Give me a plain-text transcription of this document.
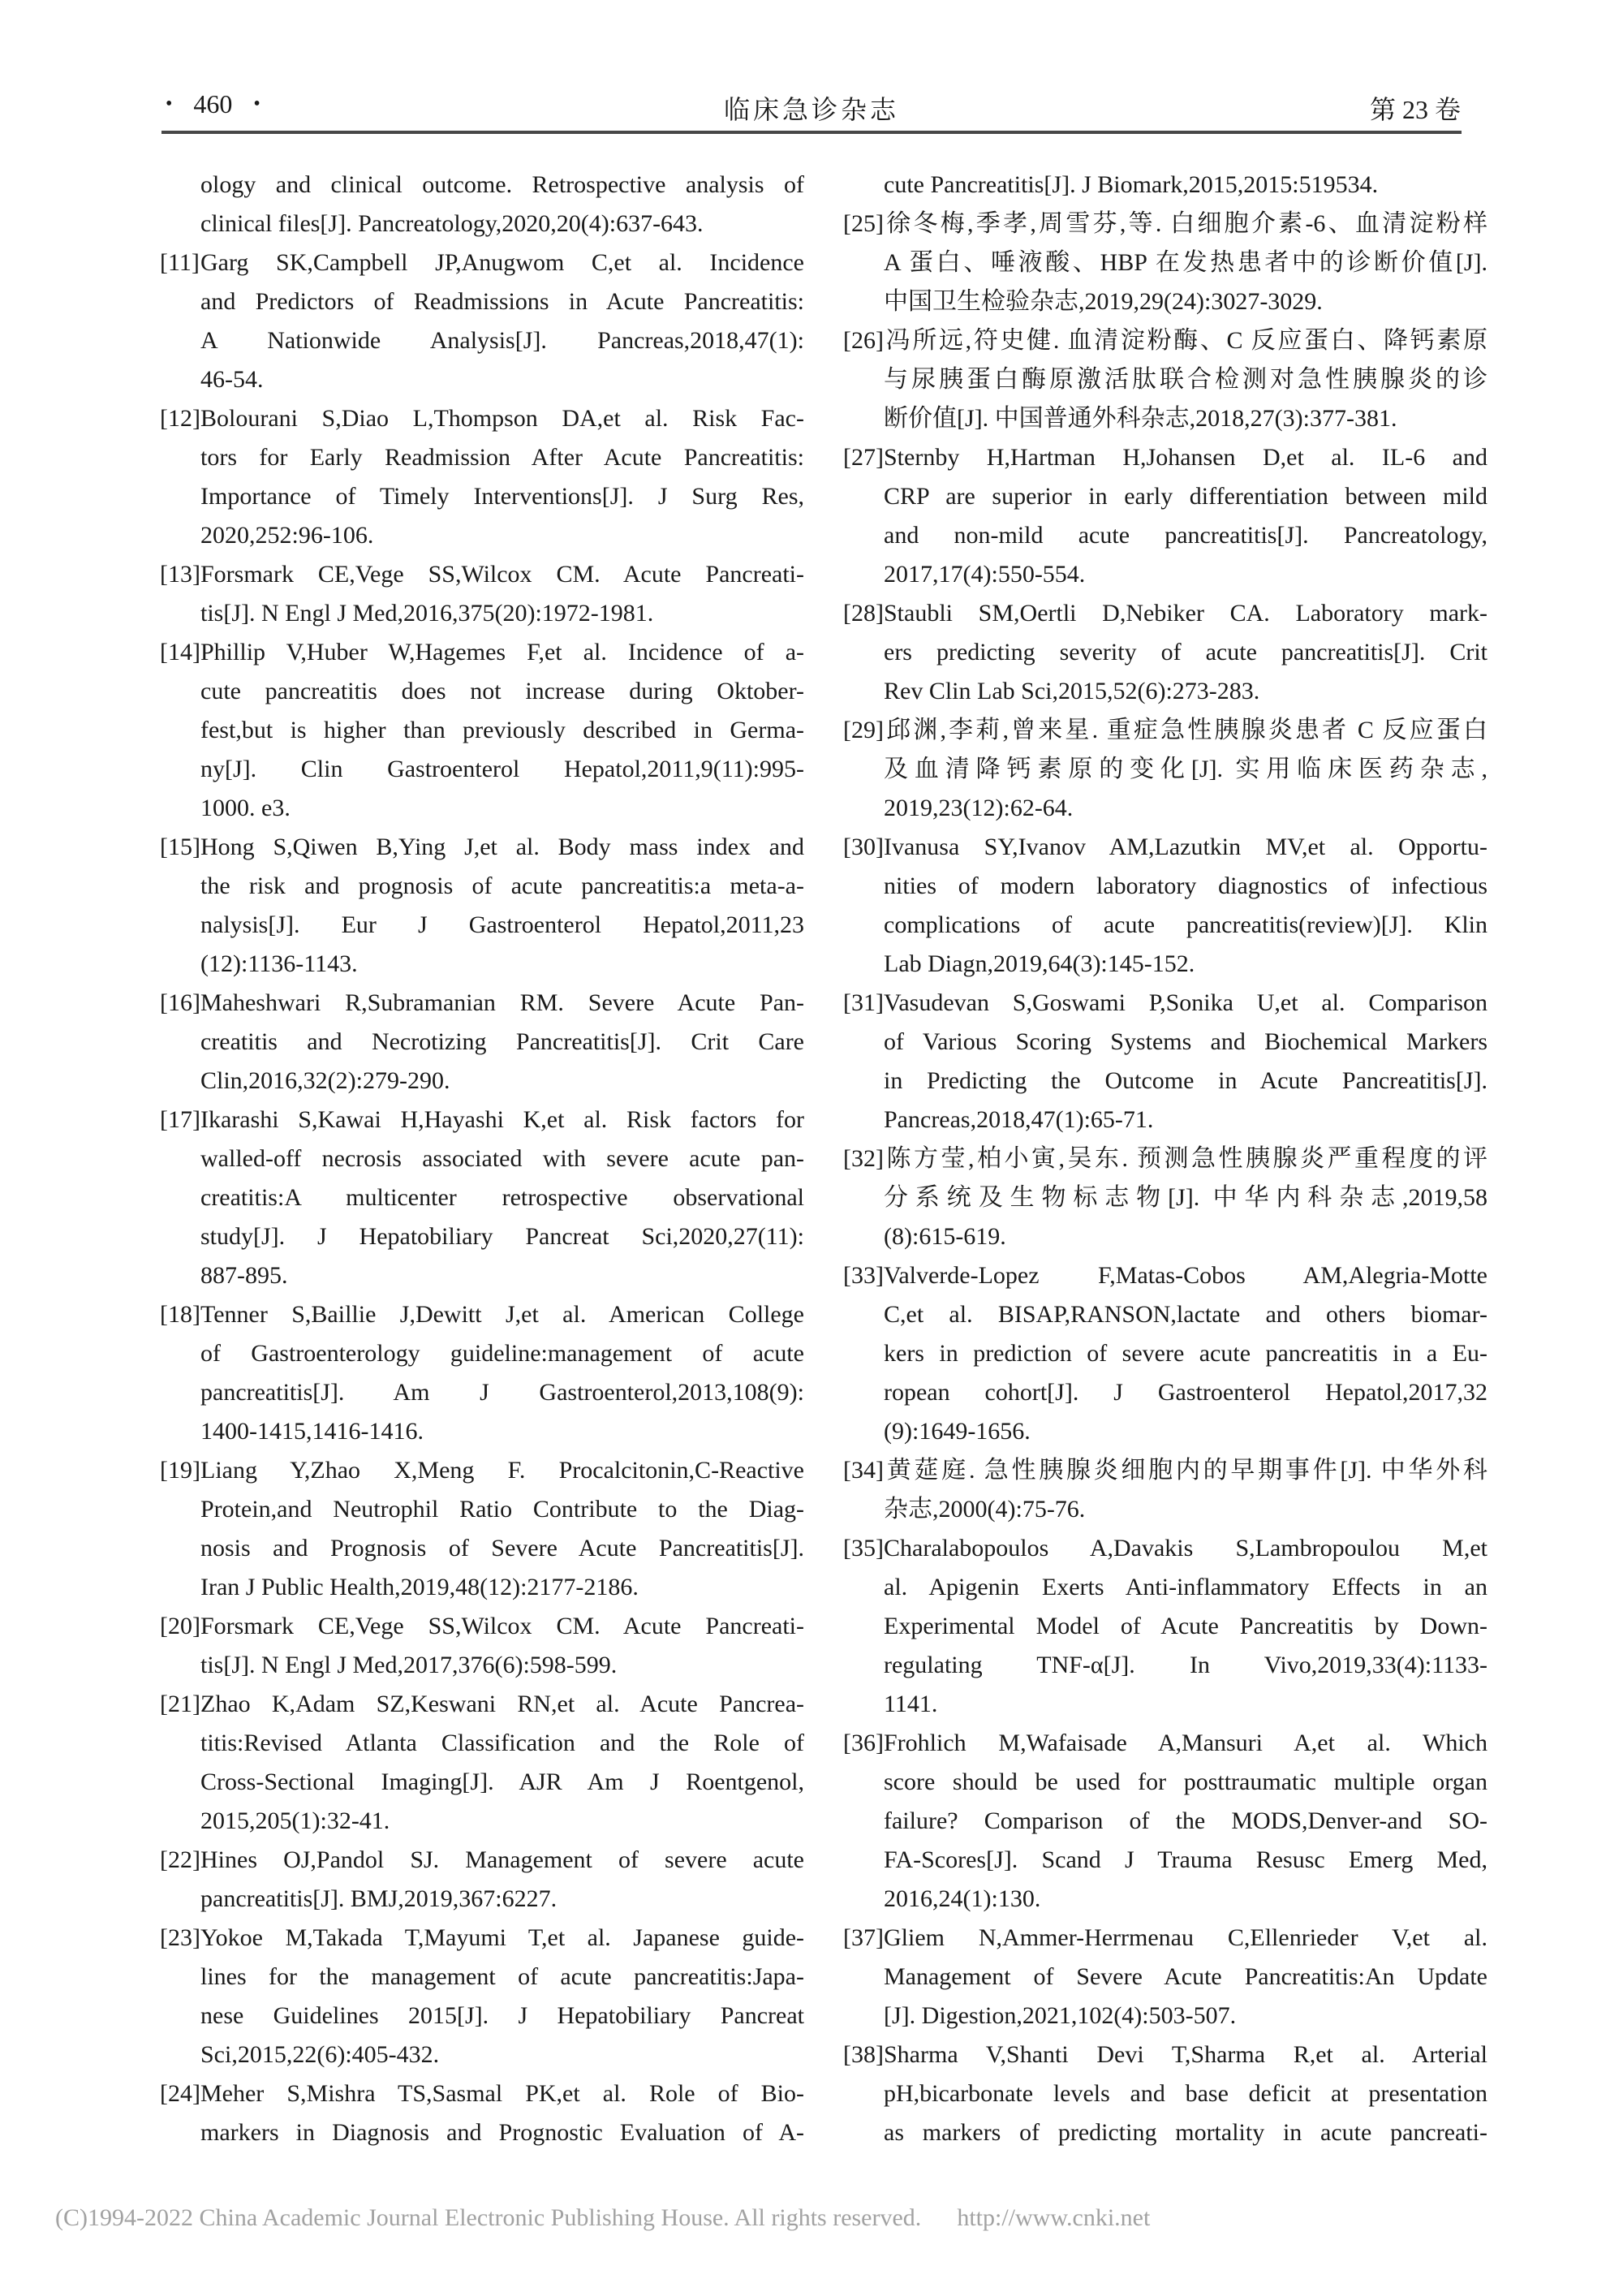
• 460 •	临床急诊杂志	第 23 卷
ology and clinical outcome. Retrospective analysis of
clinical files[J]. Pancreatology,2020,20(4):637-643.
[11]Garg SK,Campbell JP,Anugwom C,et al. Incidence
and Predictors of Readmissions in Acute Pancreatitis:
A Nationwide Analysis[J]. Pancreas,2018,47(1):
46-54.
[12]Bolourani S,Diao L,Thompson DA,et al. Risk Fac-
tors for Early Readmission After Acute Pancreatitis:
Importance of Timely Interventions[J]. J Surg Res,
2020,252:96-106.
[13]Forsmark CE,Vege SS,Wilcox CM. Acute Pancreati-
tis[J]. N Engl J Med,2016,375(20):1972-1981.
[14]Phillip V,Huber W,Hagemes F,et al. Incidence of a-
cute pancreatitis does not increase during Oktober-
fest,but is higher than previously described in Germa-
ny[J]. Clin Gastroenterol Hepatol,2011,9(11):995-
1000. e3.
[15]Hong S,Qiwen B,Ying J,et al. Body mass index and
the risk and prognosis of acute pancreatitis:a meta-a-
nalysis[J]. Eur J Gastroenterol Hepatol,2011,23
(12):1136-1143.
[16]Maheshwari R,Subramanian RM. Severe Acute Pan-
creatitis and Necrotizing Pancreatitis[J]. Crit Care
Clin,2016,32(2):279-290.
[17]Ikarashi S,Kawai H,Hayashi K,et al. Risk factors for
walled-off necrosis associated with severe acute pan-
creatitis:A multicenter retrospective observational
study[J]. J Hepatobiliary Pancreat Sci,2020,27(11):
887-895.
[18]Tenner S,Baillie J,Dewitt J,et al. American College
of Gastroenterology guideline:management of acute
pancreatitis[J]. Am J Gastroenterol,2013,108(9):
1400-1415,1416-1416.
[19]Liang Y,Zhao X,Meng F. Procalcitonin,C-Reactive
Protein,and Neutrophil Ratio Contribute to the Diag-
nosis and Prognosis of Severe Acute Pancreatitis[J].
Iran J Public Health,2019,48(12):2177-2186.
[20]Forsmark CE,Vege SS,Wilcox CM. Acute Pancreati-
tis[J]. N Engl J Med,2017,376(6):598-599.
[21]Zhao K,Adam SZ,Keswani RN,et al. Acute Pancrea-
titis:Revised Atlanta Classification and the Role of
Cross-Sectional Imaging[J]. AJR Am J Roentgenol,
2015,205(1):32-41.
[22]Hines OJ,Pandol SJ. Management of severe acute
pancreatitis[J]. BMJ,2019,367:6227.
[23]Yokoe M,Takada T,Mayumi T,et al. Japanese guide-
lines for the management of acute pancreatitis:Japa-
nese Guidelines 2015[J]. J Hepatobiliary Pancreat
Sci,2015,22(6):405-432.
[24]Meher S,Mishra TS,Sasmal PK,et al. Role of Bio-
markers in Diagnosis and Prognostic Evaluation of A-
cute Pancreatitis[J]. J Biomark,2015,2015:519534.
[25]徐冬梅,季孝,周雪芬,等. 白细胞介素-6、血清淀粉样
A 蛋白、唾液酸、HBP 在发热患者中的诊断价值[J].
中国卫生检验杂志,2019,29(24):3027-3029.
[26]冯所远,符史健. 血清淀粉酶、C 反应蛋白、降钙素原
与尿胰蛋白酶原激活肽联合检测对急性胰腺炎的诊
断价值[J]. 中国普通外科杂志,2018,27(3):377-381.
[27]Sternby H,Hartman H,Johansen D,et al. IL-6 and
CRP are superior in early differentiation between mild
and non-mild acute pancreatitis[J]. Pancreatology,
2017,17(4):550-554.
[28]Staubli SM,Oertli D,Nebiker CA. Laboratory mark-
ers predicting severity of acute pancreatitis[J]. Crit
Rev Clin Lab Sci,2015,52(6):273-283.
[29]邱渊,李莉,曾来星. 重症急性胰腺炎患者 C 反应蛋白
及血清降钙素原的变化[J]. 实用临床医药杂志,
2019,23(12):62-64.
[30]Ivanusa SY,Ivanov AM,Lazutkin MV,et al. Opportu-
nities of modern laboratory diagnostics of infectious
complications of acute pancreatitis(review)[J]. Klin
Lab Diagn,2019,64(3):145-152.
[31]Vasudevan S,Goswami P,Sonika U,et al. Comparison
of Various Scoring Systems and Biochemical Markers
in Predicting the Outcome in Acute Pancreatitis[J].
Pancreas,2018,47(1):65-71.
[32]陈方莹,柏小寅,吴东. 预测急性胰腺炎严重程度的评
分系统及生物标志物[J]. 中华内科杂志,2019,58
(8):615-619.
[33]Valverde-Lopez F,Matas-Cobos AM,Alegria-Motte
C,et al. BISAP,RANSON,lactate and others biomar-
kers in prediction of severe acute pancreatitis in a Eu-
ropean cohort[J]. J Gastroenterol Hepatol,2017,32
(9):1649-1656.
[34]黄莚庭. 急性胰腺炎细胞内的早期事件[J]. 中华外科
杂志,2000(4):75-76.
[35]Charalabopoulos A,Davakis S,Lambropoulou M,et
al. Apigenin Exerts Anti-inflammatory Effects in an
Experimental Model of Acute Pancreatitis by Down-
regulating TNF-α[J]. In Vivo,2019,33(4):1133-
1141.
[36]Frohlich M,Wafaisade A,Mansuri A,et al. Which
score should be used for posttraumatic multiple organ
failure? Comparison of the MODS,Denver-and SO-
FA-Scores[J]. Scand J Trauma Resusc Emerg Med,
2016,24(1):130.
[37]Gliem N,Ammer-Herrmenau C,Ellenrieder V,et al.
Management of Severe Acute Pancreatitis:An Update
[J]. Digestion,2021,102(4):503-507.
[38]Sharma V,Shanti Devi T,Sharma R,et al. Arterial
pH,bicarbonate levels and base deficit at presentation
as markers of predicting mortality in acute pancreati-
(C)1994-2022 China Academic Journal Electronic Publishing House. All rights reserved. http://www.cnki.net
